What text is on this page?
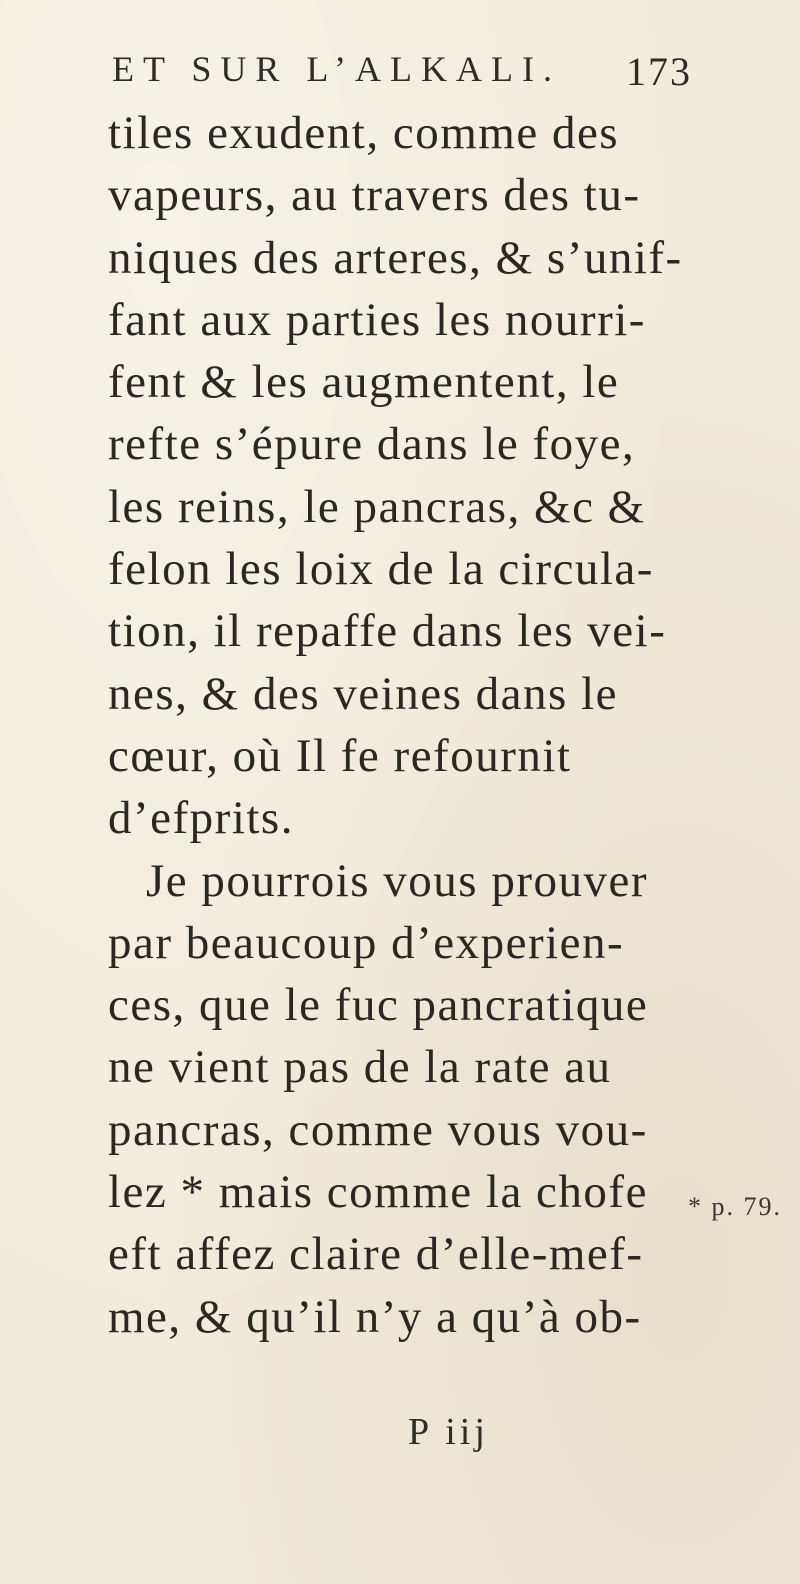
ET SUR L’ALKALI. 173
tiles exudent, comme des
vapeurs, au travers des tu-
niques des arteres, & s’unif-
fant aux parties les nourri-
fent & les augmentent, le
refte s’épure dans le foye,
les reins, le pancras, &c &
felon les loix de la circula-
tion, il repaffe dans les vei-
nes, & des veines dans le
cœur, où Il fe refournit
d’efprits.
Je pourrois vous prouver
par beaucoup d’experien-
ces, que le fuc pancratique
ne vient pas de la rate au
pancras, comme vous vou-
lez * mais comme la chofe
eft affez claire d’elle-mef-
me, & qu’il n’y a qu’à ob-
* p. 79.
P iij
